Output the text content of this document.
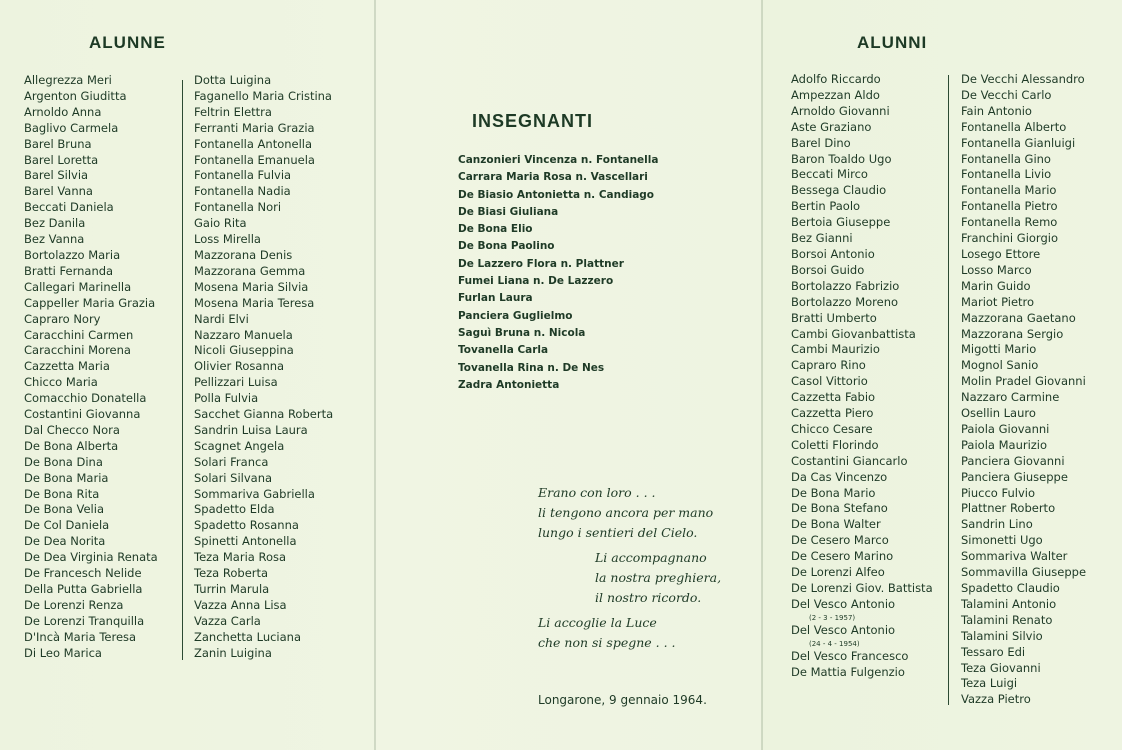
ALUNNE
Allegrezza Meri
Argenton Giuditta
Arnoldo Anna
Baglivo Carmela
Barel Bruna
Barel Loretta
Barel Silvia
Barel Vanna
Beccati Daniela
Bez Danila
Bez Vanna
Bortolazzo Maria
Bratti Fernanda
Callegari Marinella
Cappeller Maria Grazia
Capraro Nory
Caracchini Carmen
Caracchini Morena
Cazzetta Maria
Chicco Maria
Comacchio Donatella
Costantini Giovanna
Dal Checco Nora
De Bona Alberta
De Bona Dina
De Bona Maria
De Bona Rita
De Bona Velia
De Col Daniela
De Dea Norita
De Dea Virginia Renata
De Francesch Nelide
Della Putta Gabriella
De Lorenzi Renza
De Lorenzi Tranquilla
D'Incà Maria Teresa
Di Leo Marica
Dotta Luigina
Faganello Maria Cristina
Feltrin Elettra
Ferranti Maria Grazia
Fontanella Antonella
Fontanella Emanuela
Fontanella Fulvia
Fontanella Nadia
Fontanella Nori
Gaio Rita
Loss Mirella
Mazzorana Denis
Mazzorana Gemma
Mosena Maria Silvia
Mosena Maria Teresa
Nardi Elvi
Nazzaro Manuela
Nicoli Giuseppina
Olivier Rosanna
Pellizzari Luisa
Polla Fulvia
Sacchet Gianna Roberta
Sandrin Luisa Laura
Scagnet Angela
Solari Franca
Solari Silvana
Sommariva Gabriella
Spadetto Elda
Spadetto Rosanna
Spinetti Antonella
Teza Maria Rosa
Teza Roberta
Turrin Marula
Vazza Anna Lisa
Vazza Carla
Zanchetta Luciana
Zanin Luigina
INSEGNANTI
Canzonieri Vincenza n. Fontanella
Carrara Maria Rosa n. Vascellari
De Biasio Antonietta n. Candiago
De Biasi Giuliana
De Bona Elio
De Bona Paolino
De Lazzero Flora n. Plattner
Fumei Liana n. De Lazzero
Furlan Laura
Panciera Guglielmo
Saguì Bruna n. Nicola
Tovanella Carla
Tovanella Rina n. De Nes
Zadra Antonietta
Erano con loro . . .
li tengono ancora per mano
lungo i sentieri del Cielo.
Li accompagnano
la nostra preghiera,
il nostro ricordo.
Li accoglie la Luce
che non si spegne . . .
Longarone, 9 gennaio 1964.
ALUNNI
Adolfo Riccardo
Ampezzan Aldo
Arnoldo Giovanni
Aste Graziano
Barel Dino
Baron Toaldo Ugo
Beccati Mirco
Bessega Claudio
Bertin Paolo
Bertoia Giuseppe
Bez Gianni
Borsoi Antonio
Borsoi Guido
Bortolazzo Fabrizio
Bortolazzo Moreno
Bratti Umberto
Cambi Giovanbattista
Cambi Maurizio
Capraro Rino
Casol Vittorio
Cazzetta Fabio
Cazzetta Piero
Chicco Cesare
Coletti Florindo
Costantini Giancarlo
Da Cas Vincenzo
De Bona Mario
De Bona Stefano
De Bona Walter
De Cesero Marco
De Cesero Marino
De Lorenzi Alfeo
De Lorenzi Giov. Battista
Del Vesco Antonio
(2 - 3 - 1957)
Del Vesco Antonio
(24 - 4 - 1954)
Del Vesco Francesco
De Mattia Fulgenzio
De Vecchi Alessandro
De Vecchi Carlo
Fain Antonio
Fontanella Alberto
Fontanella Gianluigi
Fontanella Gino
Fontanella Livio
Fontanella Mario
Fontanella Pietro
Fontanella Remo
Franchini Giorgio
Losego Ettore
Losso Marco
Marin Guido
Mariot Pietro
Mazzorana Gaetano
Mazzorana Sergio
Migotti Mario
Mognol Sanio
Molin Pradel Giovanni
Nazzaro Carmine
Osellin Lauro
Paiola Giovanni
Paiola Maurizio
Panciera Giovanni
Panciera Giuseppe
Piucco Fulvio
Plattner Roberto
Sandrin Lino
Simonetti Ugo
Sommariva Walter
Sommavilla Giuseppe
Spadetto Claudio
Talamini Antonio
Talamini Renato
Talamini Silvio
Tessaro Edi
Teza Giovanni
Teza Luigi
Vazza Pietro
